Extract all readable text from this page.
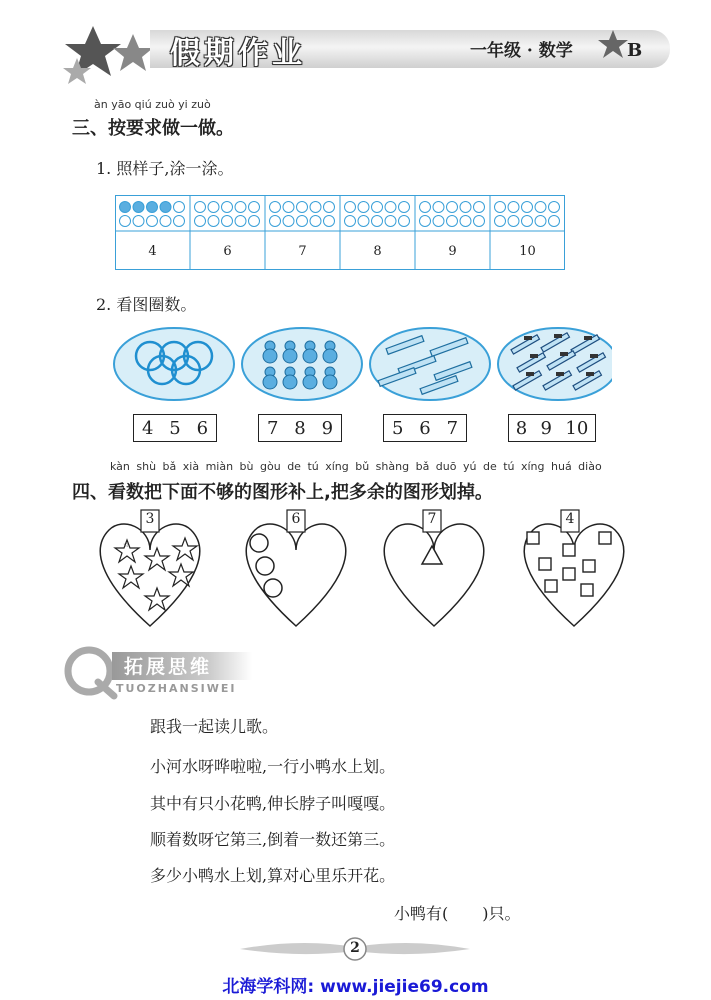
假期作业	一年级 · 数学	B
àn yāo qiú zuò yi zuò
三、按要求做一做。
1. 照样子,涂一涂。
4	6	7	8	9	10
2. 看图圈数。
4 5 6	7 8 9	5 6 7	8 9 10
kàn shù bǎ xià miàn bù gòu de tú xíng bǔ shàng bǎ duō yú de tú xíng huá diào
四、看数把下面不够的图形补上,把多余的图形划掉。
3	6	7	4
☆
拓展思维
TUOZHANSIWEI
跟我一起读儿歌。
小河水呀哗啦啦,一行小鸭水上划。
其中有只小花鸭,伸长脖子叫嘎嘎。
顺着数呀它第三,倒着一数还第三。
多少小鸭水上划,算对心里乐开花。
小鸭有( )只。
2
北海学科网: www.jiejie69.com
